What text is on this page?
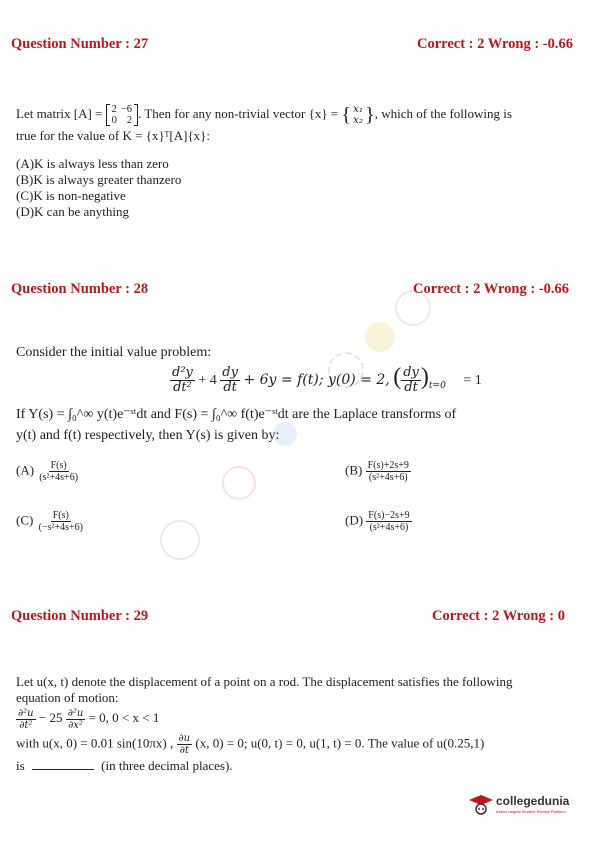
Question Number : 27	Correct : 2 Wrong : -0.66
Let matrix [A] = 2	−6
0	2 . Then for any non-trivial vector {x} = { x₁
x₂ } , which of the following is
true for the value of K = {x}ᵀ[A]{x}:
(A)K is always less than zero
(B)K is always greater thanzero
(C)K is non-negative
(D)K can be anything
Question Number : 28	Correct : 2 Wrong : -0.66
Consider the initial value problem:
$\frac{\text{d²y}}{\text{dt²}} + 4 \frac{dy}{dt} + 6y = f(t)$; y(0) = 2, ( $\frac{dy}{dt} )_{t=0} = 1$
If Y(s) = ∫₀^∞ y(t)e⁻ˢᵗdt and F(s) = ∫₀^∞ f(t)e⁻ˢᵗdt are the Laplace transforms of
y(t) and f(t) respectively, then Y(s) is given by:
$(A) \frac{F(s)}{\text{(s²+4s+6)}}$	$(B) \frac{F(s)+2s+9}{\text{(s²+4s+6)}}$
$(C) \frac{F(s)}{\text{(−s²+4s+6)}}$	$(D) \frac{F(s)-2s+9}{\text{(s²+4s+6)}}$
Question Number : 29	Correct : 2 Wrong : 0
Let u(x, t) denote the displacement of a point on a rod. The displacement satisfies the following
equation of motion:
$\frac{\text{∂²u}}{\text{∂t²}} - 25 \frac{\text{∂²u}}{\text{∂x²}} = 0$, 0 < x < 1
with u(x, 0) = 0.01 sin(10πx) , $\frac{\partial u}{\partial t} (x$, 0) = 0; u(0, t) = 0, u(1, t) = 0. The value of u(0.25,1)
is	(in three decimal places).
collegedunia
India's largest Student Review Platform
